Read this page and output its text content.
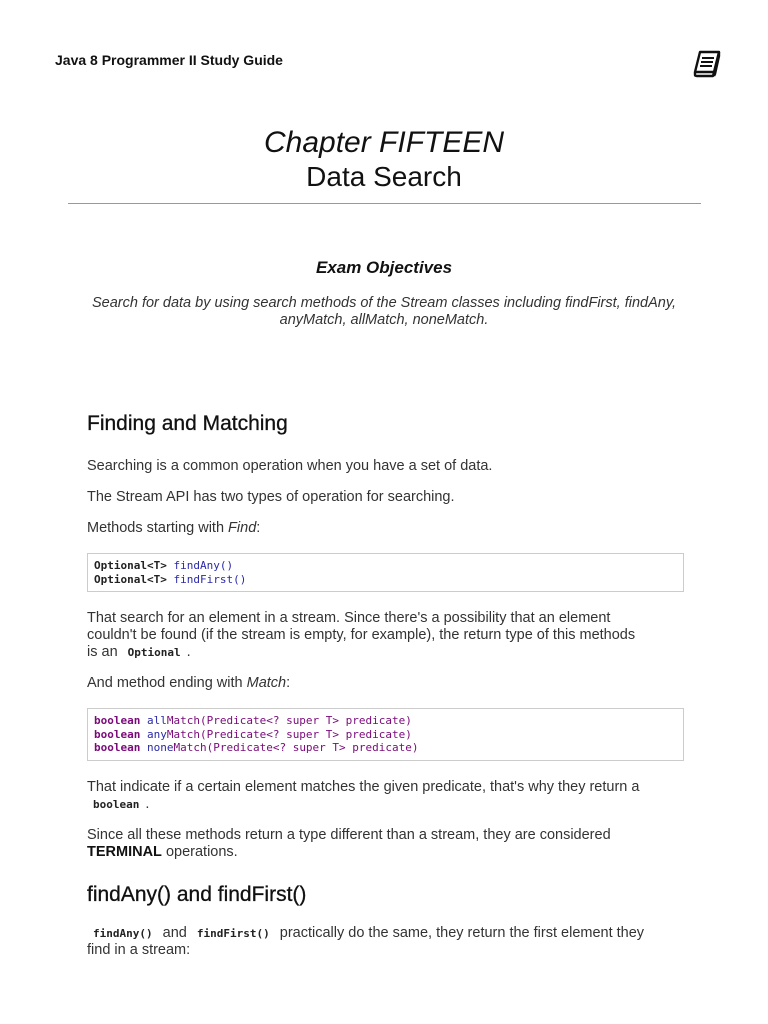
Java 8 Programmer II Study Guide
Chapter FIFTEEN
Data Search
Exam Objectives
Search for data by using search methods of the Stream classes including findFirst, findAny,
anyMatch, allMatch, noneMatch.
Finding and Matching

Searching is a common operation when you have a set of data.

The Stream API has two types of operation for searching.

Methods starting with Find:

Optional<T> findAny()
Optional<T> findFirst()

That search for an element in a stream. Since there's a possibility that an element
couldn't be found (if the stream is empty, for example), the return type of this methods
is an Optional .

And method ending with Match:

boolean allMatch(Predicate<? super T> predicate)
boolean anyMatch(Predicate<? super T> predicate)
boolean noneMatch(Predicate<? super T> predicate)

That indicate if a certain element matches the given predicate, that's why they return a
boolean .

Since all these methods return a type different than a stream, they are considered
TERMINAL operations.

findAny() and findFirst()

findAny() and findFirst() practically do the same, they return the first element they
find in a stream:
